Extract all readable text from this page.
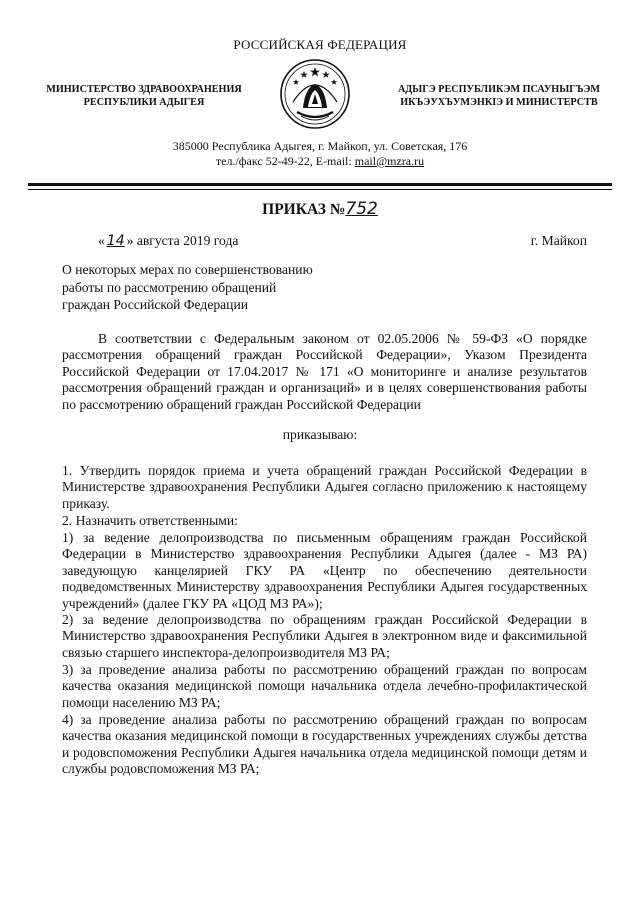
РОССИЙСКАЯ ФЕДЕРАЦИЯ
МИНИСТЕРСТВО ЗДРАВООХРАНЕНИЯ
РЕСПУБЛИКИ АДЫГЕЯ
АДЫГЭ РЕСПУБЛИКЭМ ПСАУНЫГЪЭМ
ИКЪЭУХЪУМЭНКIЭ И МИНИСТЕРСТВ
385000 Республика Адыгея, г. Майкоп, ул. Советская, 176
тел./факс 52-49-22, E-mail: mail@mzra.ru
ПРИКАЗ №752
« 14 » августа 2019 года	г. Майкоп
О некоторых мерах по совершенствованию
работы по рассмотрению обращений
граждан Российской Федерации

В соответствии с Федеральным законом от 02.05.2006 № 59-ФЗ «О порядке рассмотрения обращений граждан Российской Федерации», Указом Президента Российской Федерации от 17.04.2017 № 171 «О мониторинге и анализе результатов рассмотрения обращений граждан и организаций» и в целях совершенствования работы по рассмотрению обращений граждан Российской Федерации

приказываю:

1. Утвердить порядок приема и учета обращений граждан Российской Федерации в Министерстве здравоохранения Республики Адыгея согласно приложению к настоящему приказу.

2. Назначить ответственными:

1) за ведение делопроизводства по письменным обращениям граждан Российской Федерации в Министерство здравоохранения Республики Адыгея (далее - МЗ РА) заведующую канцелярией ГКУ РА «Центр по обеспечению деятельности подведомственных Министерству здравоохранения Республики Адыгея государственных учреждений» (далее ГКУ РА «ЦОД МЗ РА»);

2) за ведение делопроизводства по обращениям граждан Российской Федерации в Министерство здравоохранения Республики Адыгея в электронном виде и факсимильной связью старшего инспектора-делопроизводителя МЗ РА;

3) за проведение анализа работы по рассмотрению обращений граждан по вопросам качества оказания медицинской помощи начальника отдела лечебно-профилактической помощи населению МЗ РА;

4) за проведение анализа работы по рассмотрению обращений граждан по вопросам качества оказания медицинской помощи в государственных учреждениях службы детства и родовспоможения Республики Адыгея начальника отдела медицинской помощи детям и службы родовспоможения МЗ РА;
